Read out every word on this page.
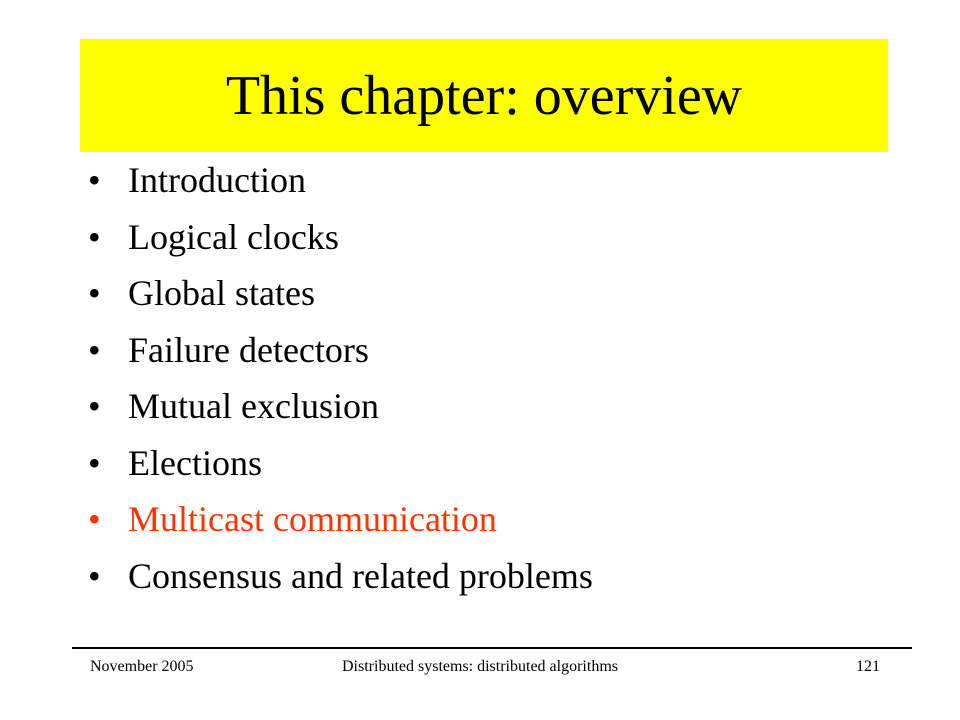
This chapter: overview
• Introduction
• Logical clocks
• Global states
• Failure detectors
• Mutual exclusion
• Elections
• Multicast communication
• Consensus and related problems
November 2005	Distributed systems: distributed algorithms	121
